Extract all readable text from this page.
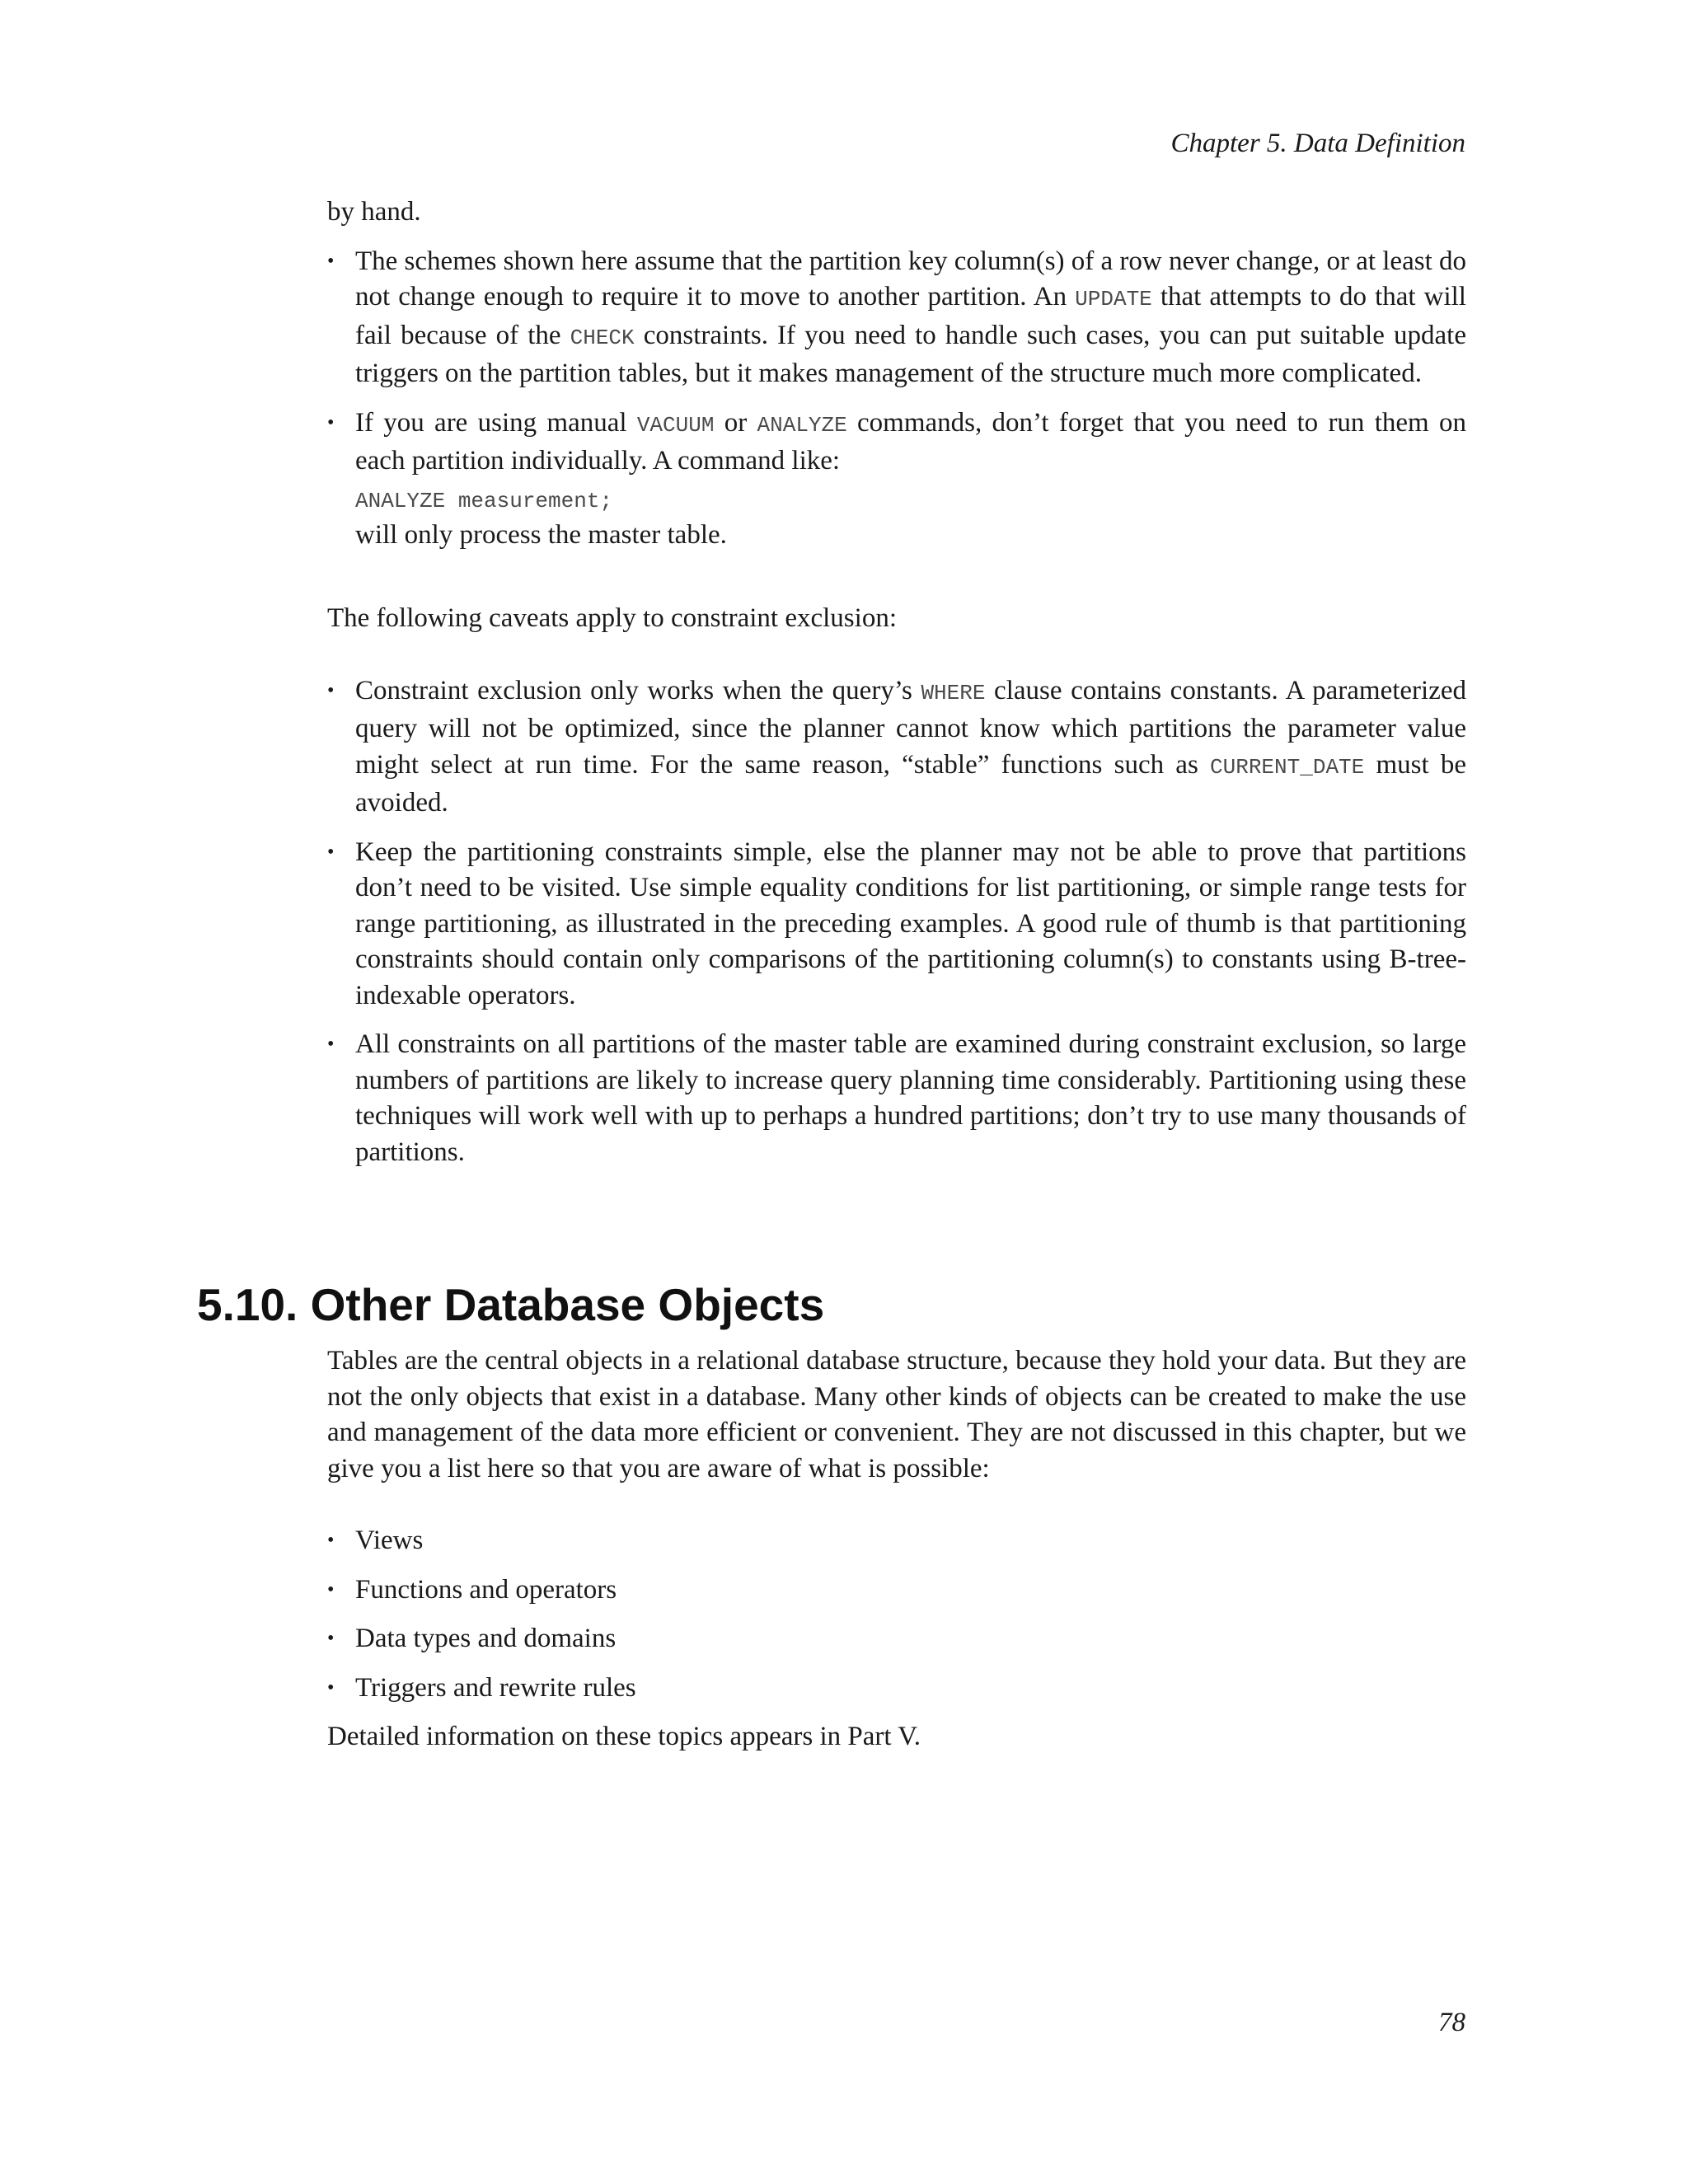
Chapter 5. Data Definition

by hand.

• The schemes shown here assume that the partition key column(s) of a row never change, or at least do not change enough to require it to move to another partition. An UPDATE that attempts to do that will fail because of the CHECK constraints. If you need to handle such cases, you can put suitable update triggers on the partition tables, but it makes management of the structure much more complicated.
• If you are using manual VACUUM or ANALYZE commands, don’t forget that you need to run them on each partition individually. A command like:
ANALYZE measurement;
will only process the master table.

The following caveats apply to constraint exclusion:

• Constraint exclusion only works when the query’s WHERE clause contains constants. A parameterized query will not be optimized, since the planner cannot know which partitions the parameter value might select at run time. For the same reason, “stable” functions such as CURRENT_DATE must be avoided.
• Keep the partitioning constraints simple, else the planner may not be able to prove that partitions don’t need to be visited. Use simple equality conditions for list partitioning, or simple range tests for range partitioning, as illustrated in the preceding examples. A good rule of thumb is that partitioning constraints should contain only comparisons of the partitioning column(s) to constants using B-tree-indexable operators.
• All constraints on all partitions of the master table are examined during constraint exclusion, so large numbers of partitions are likely to increase query planning time considerably. Partitioning using these techniques will work well with up to perhaps a hundred partitions; don’t try to use many thousands of partitions.
5.10. Other Database Objects

Tables are the central objects in a relational database structure, because they hold your data. But they are not the only objects that exist in a database. Many other kinds of objects can be created to make the use and management of the data more efficient or convenient. They are not discussed in this chapter, but we give you a list here so that you are aware of what is possible:

• Views
• Functions and operators
• Data types and domains
• Triggers and rewrite rules

Detailed information on these topics appears in Part V.

78
